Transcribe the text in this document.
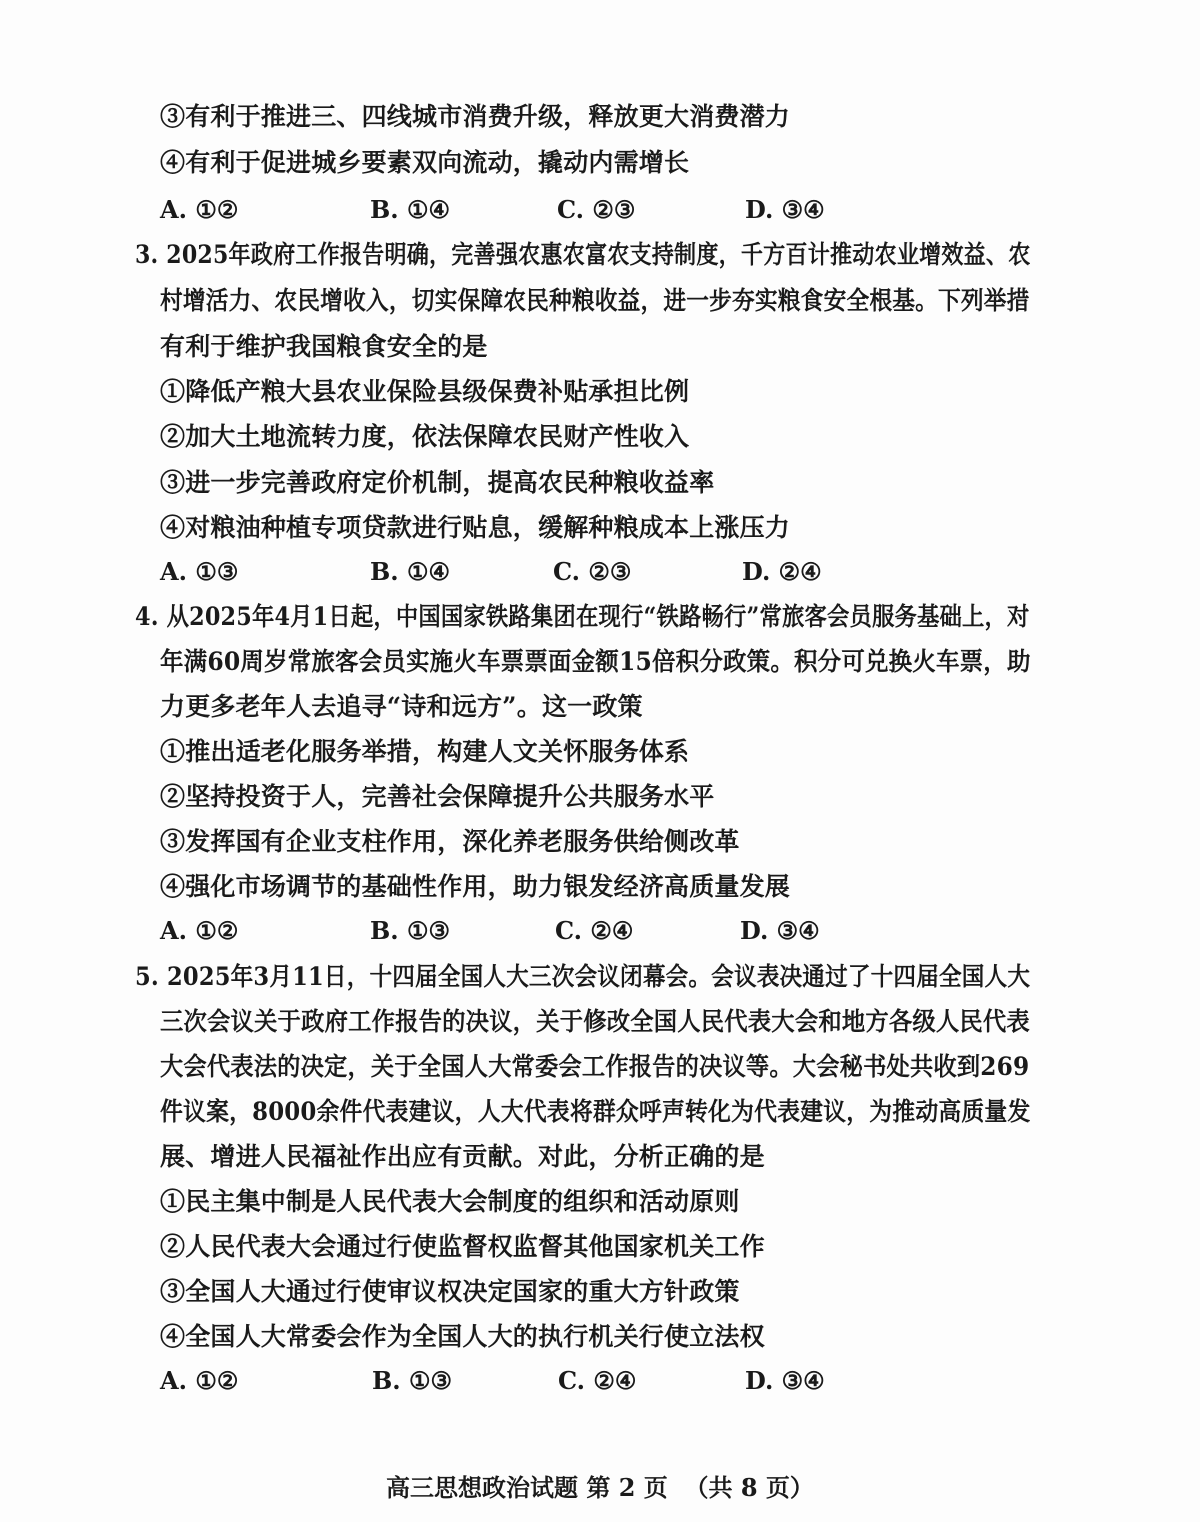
③有利于推进三、四线城市消费升级，释放更大消费潜力
④有利于促进城乡要素双向流动，撬动内需增长
A. ①②	B. ①④	C. ②③	D. ③④
3. 2025年政府工作报告明确，完善强农惠农富农支持制度，千方百计推动农业增效益、农
村增活力、农民增收入，切实保障农民种粮收益，进一步夯实粮食安全根基。下列举措
有利于维护我国粮食安全的是
①降低产粮大县农业保险县级保费补贴承担比例
②加大土地流转力度，依法保障农民财产性收入
③进一步完善政府定价机制，提高农民种粮收益率
④对粮油种植专项贷款进行贴息，缓解种粮成本上涨压力
A. ①③	B. ①④	C. ②③	D. ②④
4. 从2025年4月1日起，中国国家铁路集团在现行“铁路畅行”常旅客会员服务基础上，对
年满60周岁常旅客会员实施火车票票面金额15倍积分政策。积分可兑换火车票，助
力更多老年人去追寻“诗和远方”。这一政策
①推出适老化服务举措，构建人文关怀服务体系
②坚持投资于人，完善社会保障提升公共服务水平
③发挥国有企业支柱作用，深化养老服务供给侧改革
④强化市场调节的基础性作用，助力银发经济高质量发展
A. ①②	B. ①③	C. ②④	D. ③④
5. 2025年3月11日，十四届全国人大三次会议闭幕会。会议表决通过了十四届全国人大
三次会议关于政府工作报告的决议，关于修改全国人民代表大会和地方各级人民代表
大会代表法的决定，关于全国人大常委会工作报告的决议等。大会秘书处共收到269
件议案，8000余件代表建议，人大代表将群众呼声转化为代表建议，为推动高质量发
展、增进人民福祉作出应有贡献。对此，分析正确的是
①民主集中制是人民代表大会制度的组织和活动原则
②人民代表大会通过行使监督权监督其他国家机关工作
③全国人大通过行使审议权决定国家的重大方针政策
④全国人大常委会作为全国人大的执行机关行使立法权
A. ①②	B. ①③	C. ②④	D. ③④
高三思想政治试题 第 2 页  （共 8 页）
